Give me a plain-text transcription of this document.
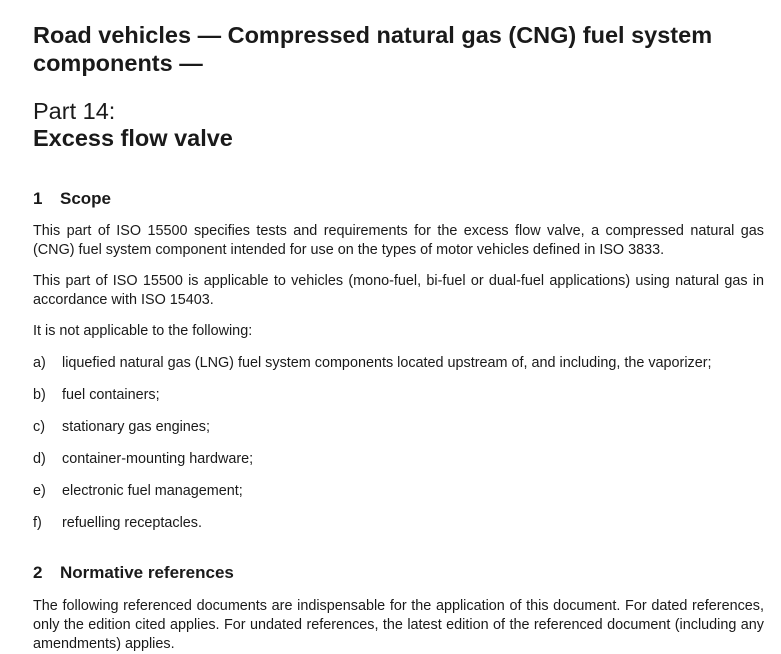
Road vehicles — Compressed natural gas (CNG) fuel system components —
Part 14:
Excess flow valve
1 Scope

This part of ISO 15500 specifies tests and requirements for the excess flow valve, a compressed natural gas (CNG) fuel system component intended for use on the types of motor vehicles defined in ISO 3833.

This part of ISO 15500 is applicable to vehicles (mono-fuel, bi-fuel or dual-fuel applications) using natural gas in accordance with ISO 15403.

It is not applicable to the following:

a) liquefied natural gas (LNG) fuel system components located upstream of, and including, the vaporizer;
b) fuel containers;
c) stationary gas engines;
d) container-mounting hardware;
e) electronic fuel management;
f) refuelling receptacles.
2 Normative references

The following referenced documents are indispensable for the application of this document. For dated references, only the edition cited applies. For undated references, the latest edition of the referenced document (including any amendments) applies.
